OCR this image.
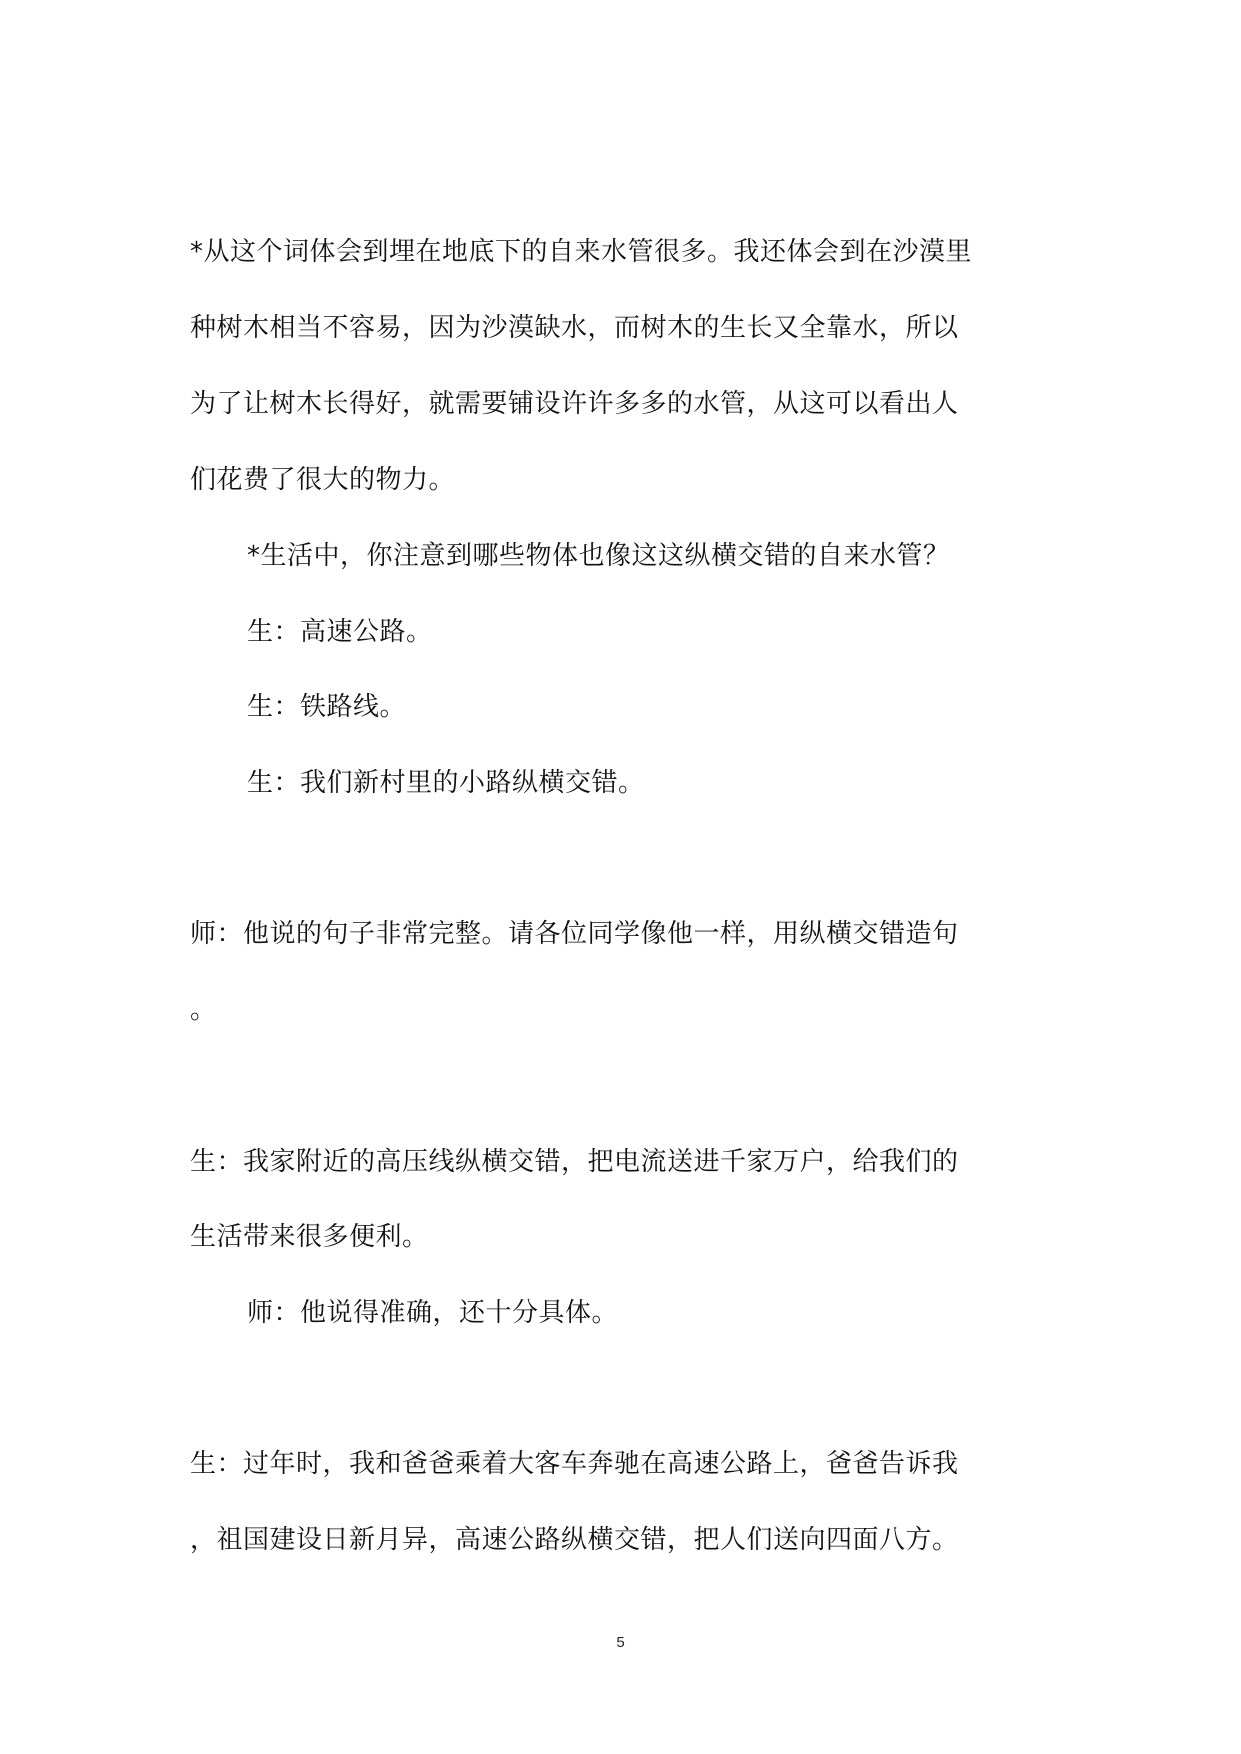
*从这个词体会到埋在地底下的自来水管很多。我还体会到在沙漠里
种树木相当不容易，因为沙漠缺水，而树木的生长又全靠水，所以
为了让树木长得好，就需要铺设许许多多的水管，从这可以看出人
们花费了很大的物力。
*生活中，你注意到哪些物体也像这这纵横交错的自来水管？
生：高速公路。
生：铁路线。
生：我们新村里的小路纵横交错。
师：他说的句子非常完整。请各位同学像他一样，用纵横交错造句
。
生：我家附近的高压线纵横交错，把电流送进千家万户，给我们的
生活带来很多便利。
师：他说得准确，还十分具体。
生：过年时，我和爸爸乘着大客车奔驰在高速公路上，爸爸告诉我
，祖国建设日新月异，高速公路纵横交错，把人们送向四面八方。
5
